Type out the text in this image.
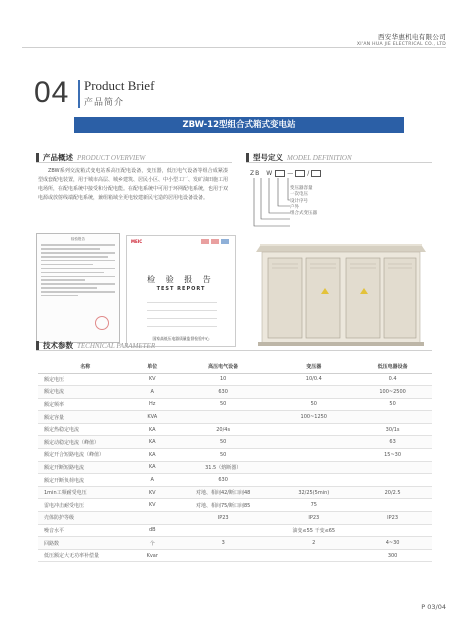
西安华惠机电有限公司
XI'AN HUA JIE ELECTRICAL CO., LTD
04 Product Brief
产品简介
ZBW-12型组合式箱式变电站
产品概述 PRODUCT OVERVIEW
ZBW系列交流箱式变电站系高压配电设备，变压器，低压电气设备等组合成紧凑型成套配电装置，用于城市高层、城乡建筑、居民小区、中小型工厂、发矿油田施工用电场所，在配电系统中接受和分配电能。在配电系统中可用于环网配电系统，也用于双电源或放射线端配电系统，兼组箱域全更电较建新民宅造的居用电设备设备。
型号定义 MODEL DEFINITION
Z B W	— /
变压器容量
一次电压
设计序号
户外
组合式变压器
检验报告	MEIC
检 验 报 告
TEST REPORT
国家高低压电器质量监督检验中心
技术参数 TECHNICAL PARAMETER
名称	单位	高压电气设备	变压器	低压电器设备
额定电压	KV	10	10/0.4	0.4
额定电流	A	630		100~2500
额定频率	Hz	50	50	50
额定容量	KVA		100~1250	
额定热稳定电流	KA	20/4s		30/1s
额定动稳定电流（峰值）	KA	50		63
额定开合短路电流（峰值）	KA	50		15~30
额定开断短路电流	KA	31.5（熔断器）		
额定开断负荷电流	A	630		
1min工频耐受电压	KV	对地、相间42/断口间48	32/25(5min)	20/2.5
雷电冲击耐受电压	KV	对地、相间75/断口间85	75	
壳体防护等级		IP23	IP23	IP23
噪音水平	dB		油变≤55 干变≤65	
回路数	个	3	2	4~30
低压额定大无功率补偿量	Kvar			300
P 03/04
